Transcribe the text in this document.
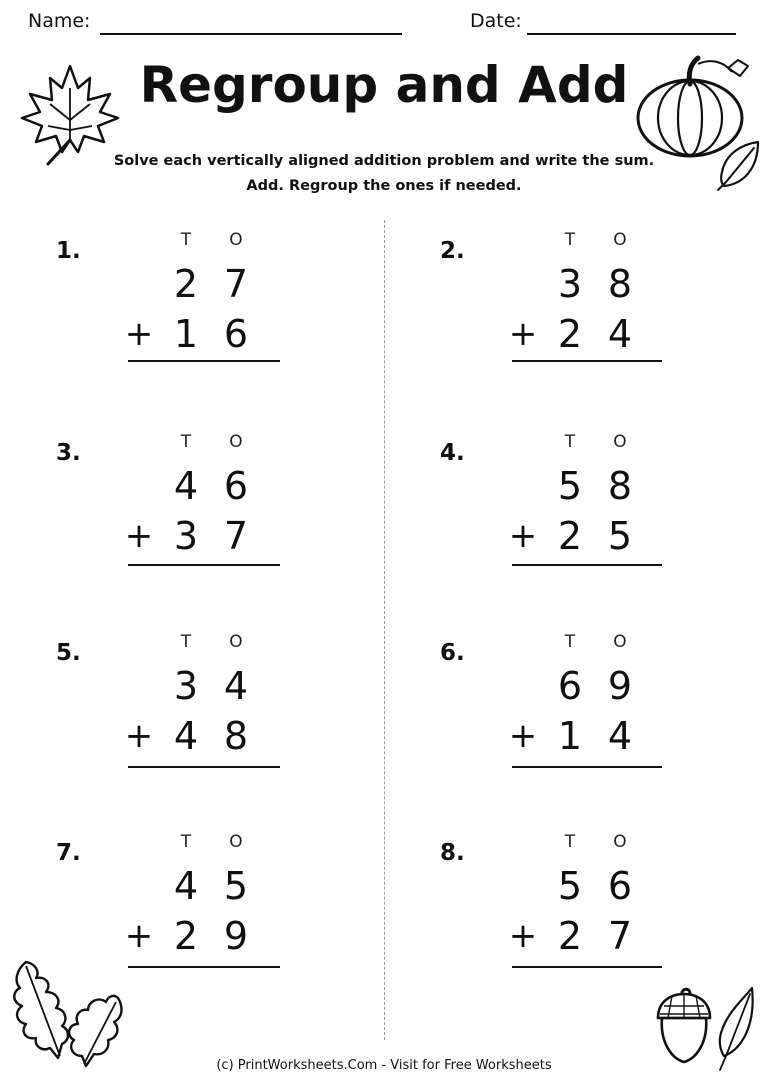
Name:	Date:
Regroup and Add
Solve each vertically aligned addition problem and write the sum.
Add. Regroup the ones if needed.
1.	T	O
2 7
+ 1 6
2.	T	O
3 8
+ 2 4
3.	T	O
4 6
+ 3 7
4.	T	O
5 8
+ 2 5
5.	T	O
3 4
+ 4 8
6.	T	O
6 9
+ 1 4
7.	T	O
4 5
+ 2 9
8.	T	O
5 6
+ 2 7
(c) PrintWorksheets.Com - Visit for Free Worksheets
